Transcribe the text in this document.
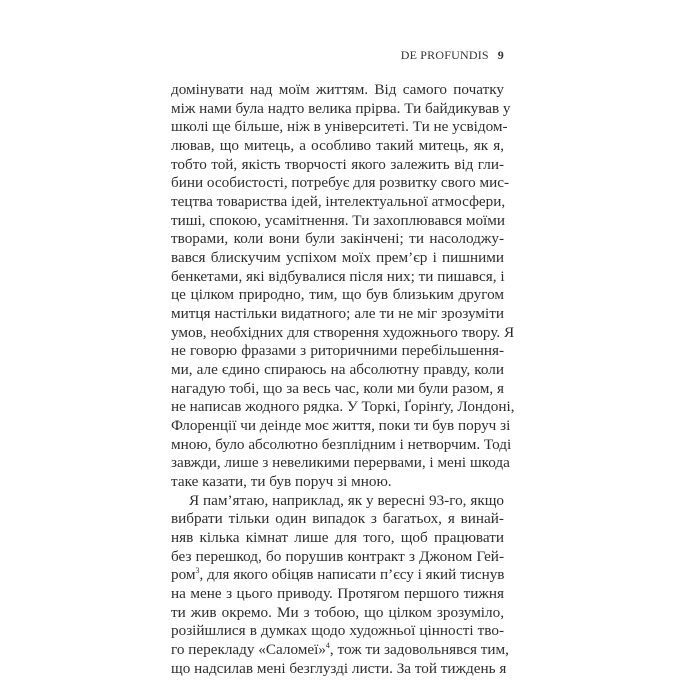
DE PROFUNDIS 9
домінувати над моїм життям. Від самого початку
між нами була надто велика прірва. Ти байдикував у
школі ще більше, ніж в університеті. Ти не усвідом-
лював, що митець, а особливо такий митець, як я,
тобто той, якість творчості якого залежить від гли-
бини особистості, потребує для розвитку свого мис-
тецтва товариства ідей, інтелектуальної атмосфери,
тиші, спокою, усамітнення. Ти захоплювався моїми
творами, коли вони були закінчені; ти насолоджу-
вався блискучим успіхом моїх прем’єр і пишними
бенкетами, які відбувалися після них; ти пишався, і
це цілком природно, тим, що був близьким другом
митця настільки видатного; але ти не міг зрозуміти
умов, необхідних для створення художнього твору. Я
не говорю фразами з риторичними перебільшення-
ми, але єдино спираюсь на абсолютну правду, коли
нагадую тобі, що за весь час, коли ми були разом, я
не написав жодного рядка. У Торкі, Ґорінґу, Лондоні,
Флоренції чи деінде моє життя, поки ти був поруч зі
мною, було абсолютно безплідним і нетворчим. Тоді
завжди, лише з невеликими перервами, і мені шкода
таке казати, ти був поруч зі мною.
Я пам’ятаю, наприклад, як у вересні 93-го, якщо
вибрати тільки один випадок з багатьох, я винай-
няв кілька кімнат лише для того, щоб працювати
без перешкод, бо порушив контракт з Джоном Гей-
ром$^3$, для якого обіцяв написати п’єсу і який тиснув
на мене з цього приводу. Протягом першого тижня
ти жив окремо. Ми з тобою, що цілком зрозуміло,
розійшлися в думках щодо художньої цінності тво-
го перекладу «Саломеї»$^4$, тож ти задовольнявся тим,
що надсилав мені безглузді листи. За той тиждень я
